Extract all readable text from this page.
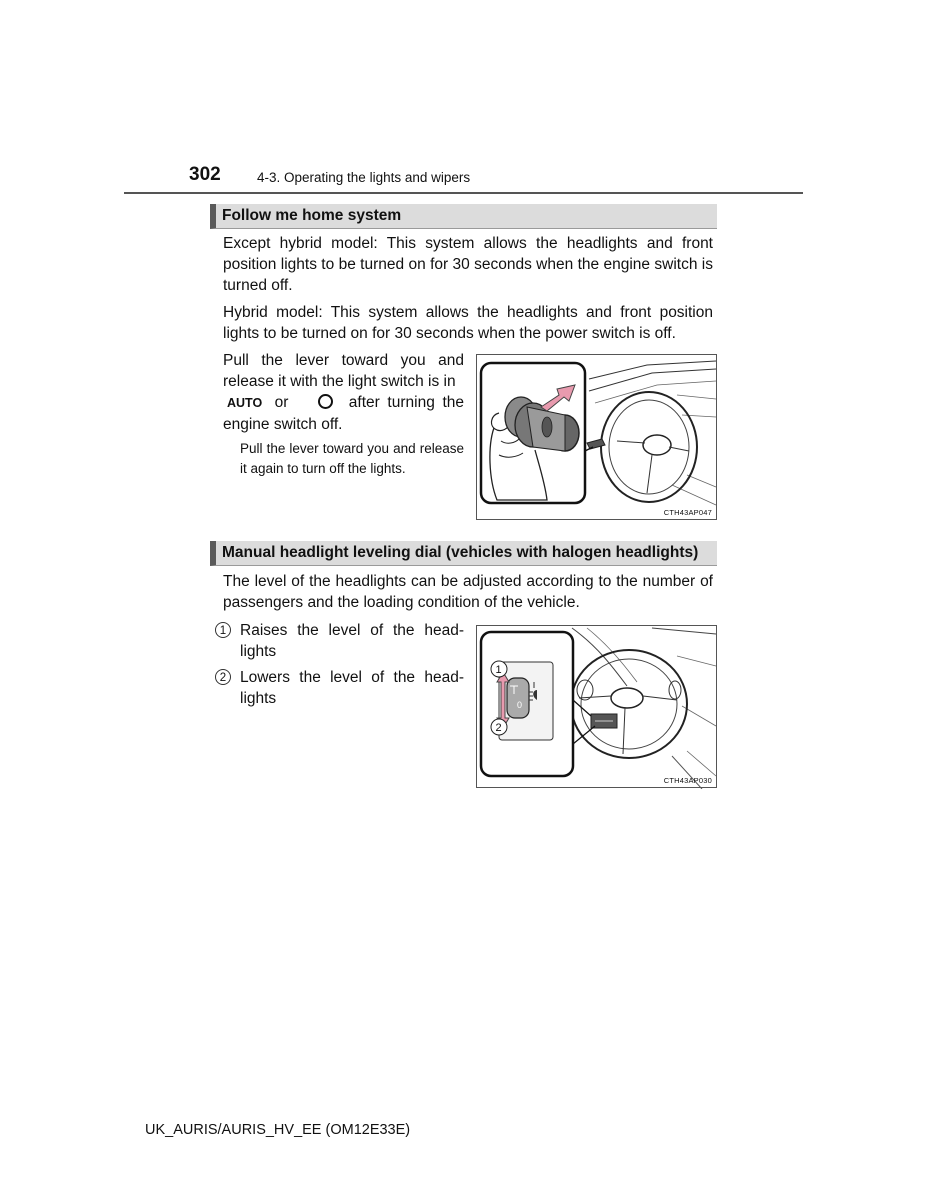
302	4-3. Operating the lights and wipers
Follow me home system
Except hybrid model: This system allows the headlights and front position lights to be turned on for 30 seconds when the engine switch is turned off.
Hybrid model: This system allows the headlights and front position lights to be turned on for 30 seconds when the power switch is off.
Pull the lever toward you and release it with the light switch is in
AUTO or	after turning the engine switch off.
Pull the lever toward you and release it again to turn off the lights.
CTH43AP047
Manual headlight leveling dial (vehicles with halogen headlights)
The level of the headlights can be adjusted according to the number of passengers and the loading condition of the vehicle.
1 Raises the level of the head-lights
2 Lowers the level of the head-lights	0
1
2
CTH43AP030
UK_AURIS/AURIS_HV_EE (OM12E33E)
